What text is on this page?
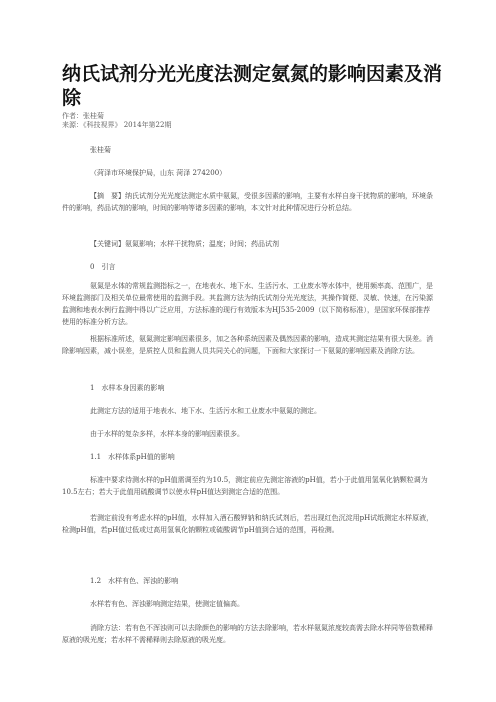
纳氏试剂分光光度法测定氨氮的影响因素及消除
作者：张桂菊
来源：《科技视界》 2014年第22期

张桂菊

（菏泽市环境保护局，山东 菏泽 274200）

【摘　要】纳氏试剂分光光度法测定水质中氨氮，受很多因素的影响，主要有水样自身干扰物质的影响，环境条件的影响，药品试剂的影响，时间的影响等诸多因素的影响，本文针对此种情况进行分析总结。

【关键词】氨氮影响；水样干扰物质；温度；时间；药品试剂

0　引言

氨氮是水体的常规监测指标之一，在地表水、地下水、生活污水、工业废水等水体中，使用频率高、范围广，是环境监测部门及相关单位最常使用的监测手段。其监测方法为纳氏试剂分光光度法，其操作简便、灵敏、快速，在污染源监测和地表水例行监测中得以广泛应用，方法标准的现行有效版本为HJ535-2009（以下简称标准），是国家环保部推荐使用的标准分析方法。

根据标准所述，氨氮测定影响因素很多，加之各种系统因素及偶然因素的影响，造成其测定结果有很大误差。消除影响因素，减小误差，是质控人员和监测人员共同关心的问题，下面和大家探讨一下氨氮的影响因素及消除方法。

1　水样本身因素的影响

此测定方法的适用于地表水、地下水、生活污水和工业废水中氨氮的测定。

由于水样的复杂多样，水样本身的影响因素很多。

1.1　水样体系pH值的影响

标准中要求待测水样的pH值需调至约为10.5，测定前应先测定溶液的pH值，若小于此值用氢氧化钠颗粒调为10.5左右；若大于此值用硫酸调节以使水样pH值达到测定合适的范围。

若测定前没有考虑水样的pH值，水样加入酒石酸钾钠和纳氏试剂后，若出现红色沉淀用pH试纸测定水样原液，检测pH值，若pH值过低或过高用氢氧化钠颗粒或硫酸调节pH值到合适的范围，再检测。

1.2　水样有色、浑浊的影响

水样若有色、浑浊影响测定结果，使测定值偏高。

消除方法：若有色不浑浊则可以去除颜色的影响的方法去除影响，若水样氨氮浓度较高需去除水样同等倍数稀释原液的吸光度；若水样不需稀释则去除原液的吸光度。
